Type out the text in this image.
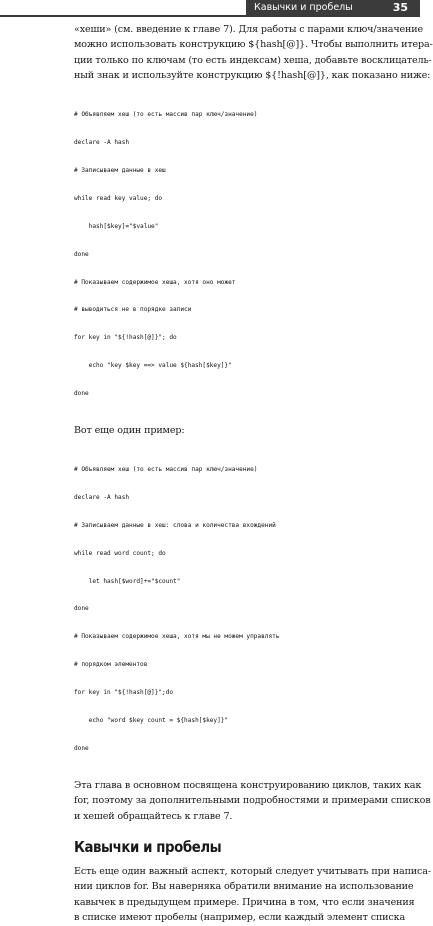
Кавычки и пробелы	35

«хеши» (см. введение к главе 7). Для работы с парами ключ/значение
можно использовать конструкцию ${hash[@]}. Чтобы выполнить итера-
ции только по ключам (то есть индексам) хеша, добавьте восклицатель-
ный знак и используйте конструкцию ${!hash[@]}, как показано ниже:

# Объявляем хеш (то есть массив пар ключ/значение)

declare -A hash

# Записываем данные в хеш

while read key value; do

hash[$key]="$value"

done

# Показываем содержимое хеша, хотя оно может

# выводиться не в порядке записи

for key in "${!hash[@]}"; do

echo "key $key ==> value ${hash[$key]}"

done

Вот еще один пример:

# Объявляем хеш (то есть массив пар ключ/значение)

declare -A hash

# Записываем данные в хеш: слова и количества вхождений

while read word count; do

let hash[$word]+="$count"

done

# Показываем содержимое хеша, хотя мы не можем управлять

# порядком элементов

for key in "${!hash[@]}";do

echo "word $key count = ${hash[$key]}"

done

Эта глава в основном посвящена конструированию циклов, таких как
for, поэтому за дополнительными подробностями и примерами списков
и хешей обращайтесь к главе 7.

Кавычки и пробелы

Есть еще один важный аспект, который следует учитывать при написа-
нии циклов for. Вы наверняка обратили внимание на использование
кавычек в предыдущем примере. Причина в том, что если значения
в списке имеют пробелы (например, если каждый элемент списка
